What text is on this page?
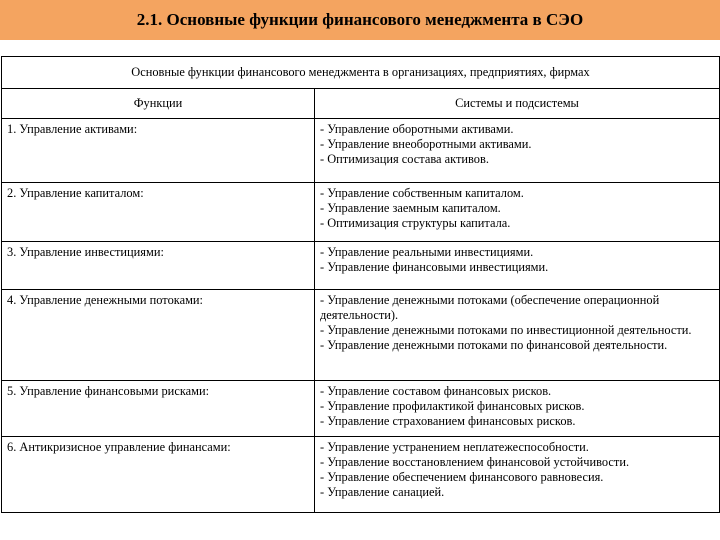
2.1. Основные функции финансового менеджмента в СЭО
Основные функции финансового менеджмента в организациях, предприятиях, фирмах	
Функции	Системы и подсистемы
1. Управление активами:	- Управление оборотными активами.
- Управление внеоборотными активами.
- Оптимизация состава активов.

2. Управление капиталом:	- Управление собственным капиталом.
- Управление заемным капиталом.
- Оптимизация структуры капитала.

3. Управление инвестициями:	- Управление реальными инвестициями.
- Управление финансовыми инвестициями.

4. Управление денежными потоками:	- Управление денежными потоками (обеспечение операционной деятельности).
- Управление денежными потоками по инвестиционной деятельности.
- Управление денежными потоками по финансовой деятельности.

5. Управление финансовыми рисками:	- Управление составом финансовых рисков.
- Управление профилактикой финансовых рисков.
- Управление страхованием финансовых рисков.

6. Антикризисное управление финансами:	- Управление устранением неплатежеспособности.
- Управление восстановлением финансовой устойчивости.
- Управление обеспечением финансового равновесия.
- Управление санацией.
